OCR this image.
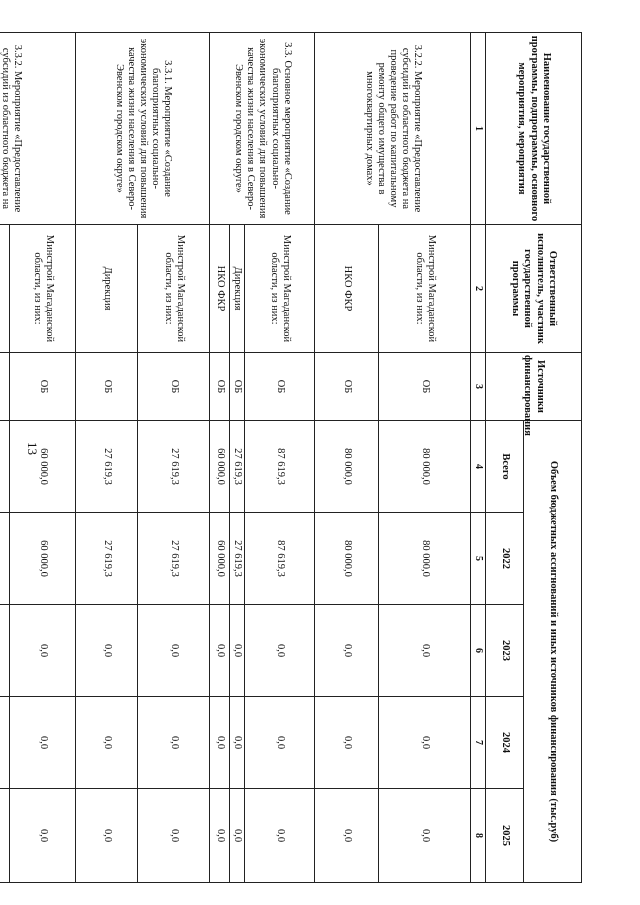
13
Наименование государственной программы, подпрограммы, основного мероприятия, мероприятия	Ответственный исполнитель, участник государственной программы	Источники финансирования	Объем бюджетных ассигнований и иных источников финансирования (тыс.руб)				
			Всего	2022	2023	2024	2025
1	2	3	4	5	6	7	8
3.2.2. Мероприятие «Предоставление субсидий из областного бюджета на проведение работ по капитальному ремонту общего имущества в многоквартирных домах»	Минстрой Магаданской области, из них:	ОБ	80 000,0	80 000,0	0,0	0,0	0,0
	НКО ФКР	ОБ	80 000,0	80 000,0	0,0	0,0	0,0
3.3. Основное мероприятие «Создание благоприятных социально-экономических условий для повышения качества жизни населения в Северо-Эвенском городском округе»	Минстрой Магаданской области, из них:	ОБ	87 619,3	87 619,3	0,0	0,0	0,0
	Дирекция	ОБ	27 619,3	27 619,3	0,0	0,0	0,0
	НКО ФКР	ОБ	60 000,0	60 000,0	0,0	0,0	0,0
3.3.1. Мероприятие «Создание благоприятных социально-экономических условий для повышения качества жизни населения в Северо-Эвенском городском округе»	Минстрой Магаданской области, из них:	ОБ	27 619,3	27 619,3	0,0	0,0	0,0
	Дирекция	ОБ	27 619,3	27 619,3	0,0	0,0	0,0
3.3.2. Мероприятие «Предоставление субсидий из областного бюджета на	Минстрой Магаданской области, из них:	ОБ	60 000,0	60 000,0	0,0	0,0	0,0
